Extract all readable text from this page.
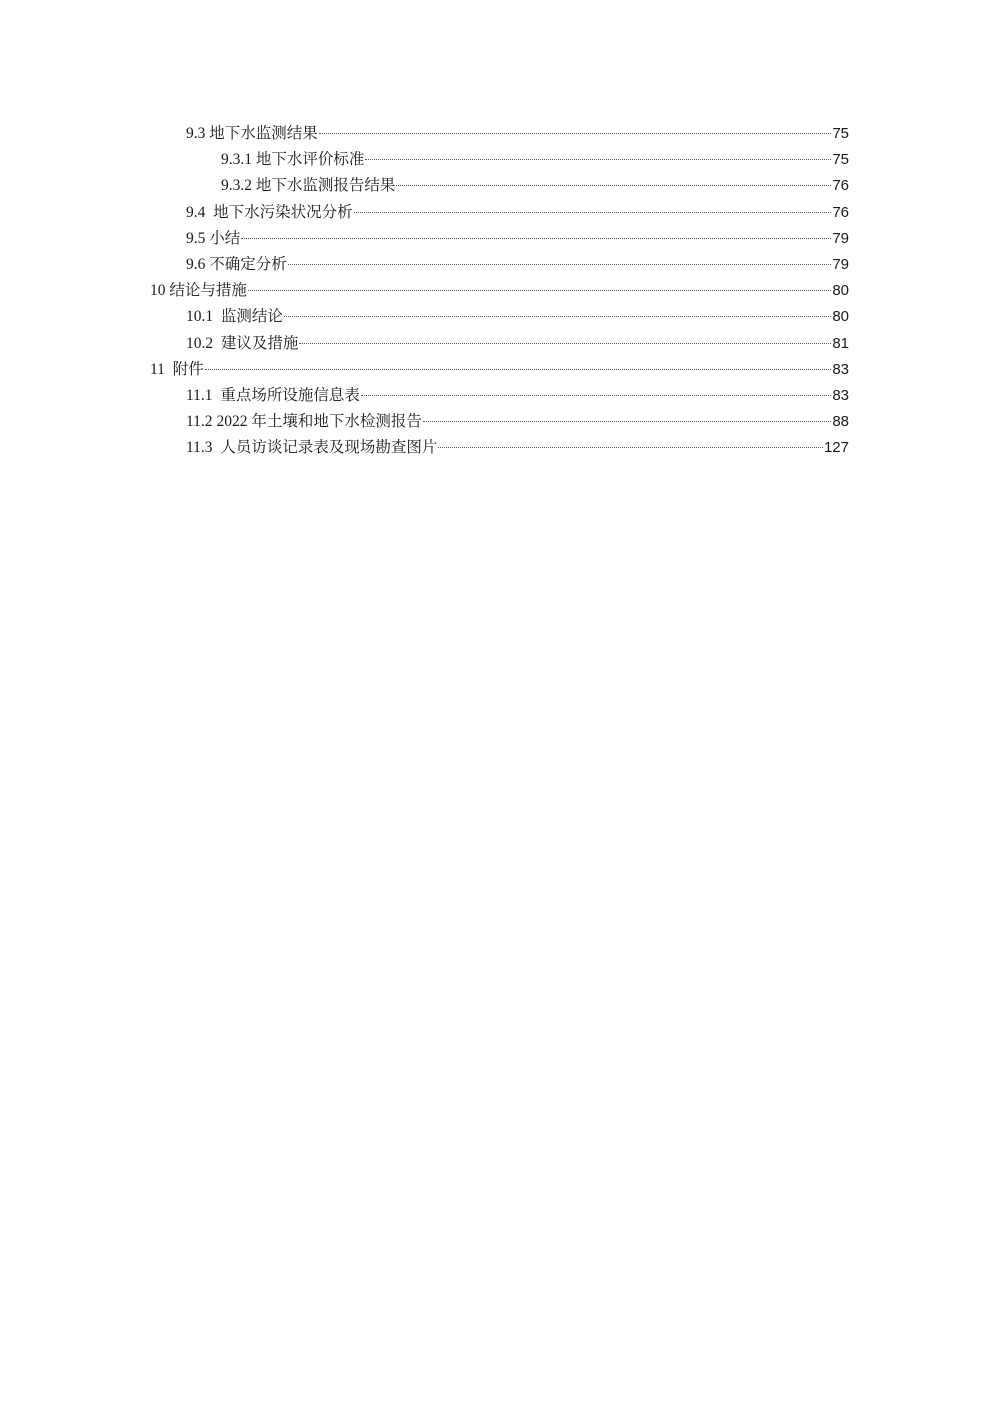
9.3 地下水监测结果	75
9.3.1 地下水评价标准	75
9.3.2 地下水监测报告结果	76
9.4 地下水污染状况分析	76
9.5 小结	79
9.6 不确定分析	79
10 结论与措施	80
10.1 监测结论	80
10.2 建议及措施	81
11 附件	83
11.1 重点场所设施信息表	83
11.2 2022 年土壤和地下水检测报告	88
11.3 人员访谈记录表及现场勘查图片	127
